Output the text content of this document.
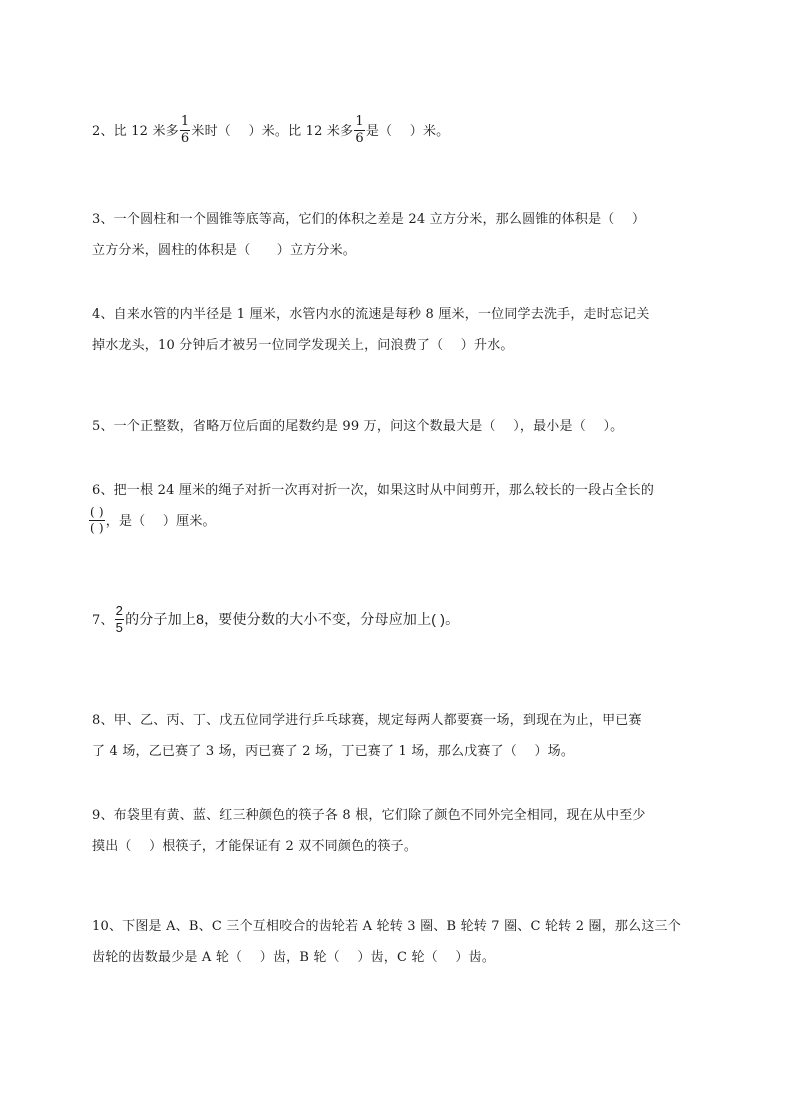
2、比 12 米多 $\frac{1}{6}$ 米时（　 ）米。比 12 米多 $\frac{1}{6}$ 是（　 ）米。
3、一个圆柱和一个圆锥等底等高，它们的体积之差是 24 立方分米，那么圆锥的体积是（　 ）
立方分米，圆柱的体积是（　　）立方分米。
4、自来水管的内半径是 1 厘米，水管内水的流速是每秒 8 厘米，一位同学去洗手，走时忘记关
掉水龙头，10 分钟后才被另一位同学发现关上，问浪费了（　 ）升水。
5、一个正整数，省略万位后面的尾数约是 99 万，问这个数最大是（　 ），最小是（　 ）。
6、把一根 24 厘米的绳子对折一次再对折一次，如果这时从中间剪开，那么较长的一段占全长的
$\frac{( )}{( )}$ ，是（　 ）厘米。
7、 $\frac{2}{5}$ 的分子加上8，要使分数的大小不变，分母应加上( )。
8、甲、乙、丙、丁、戊五位同学进行乒乓球赛，规定每两人都要赛一场，到现在为止，甲已赛
了 4 场，乙已赛了 3 场，丙已赛了 2 场，丁已赛了 1 场，那么戊赛了（　 ）场。
9、布袋里有黄、蓝、红三种颜色的筷子各 8 根，它们除了颜色不同外完全相同，现在从中至少
摸出（　 ）根筷子，才能保证有 2 双不同颜色的筷子。
10、下图是 A、B、C 三个互相咬合的齿轮若 A 轮转 3 圈、B 轮转 7 圈、C 轮转 2 圈，那么这三个
齿轮的齿数最少是 A 轮（　 ）齿，B 轮（　 ）齿，C 轮（　 ）齿。
